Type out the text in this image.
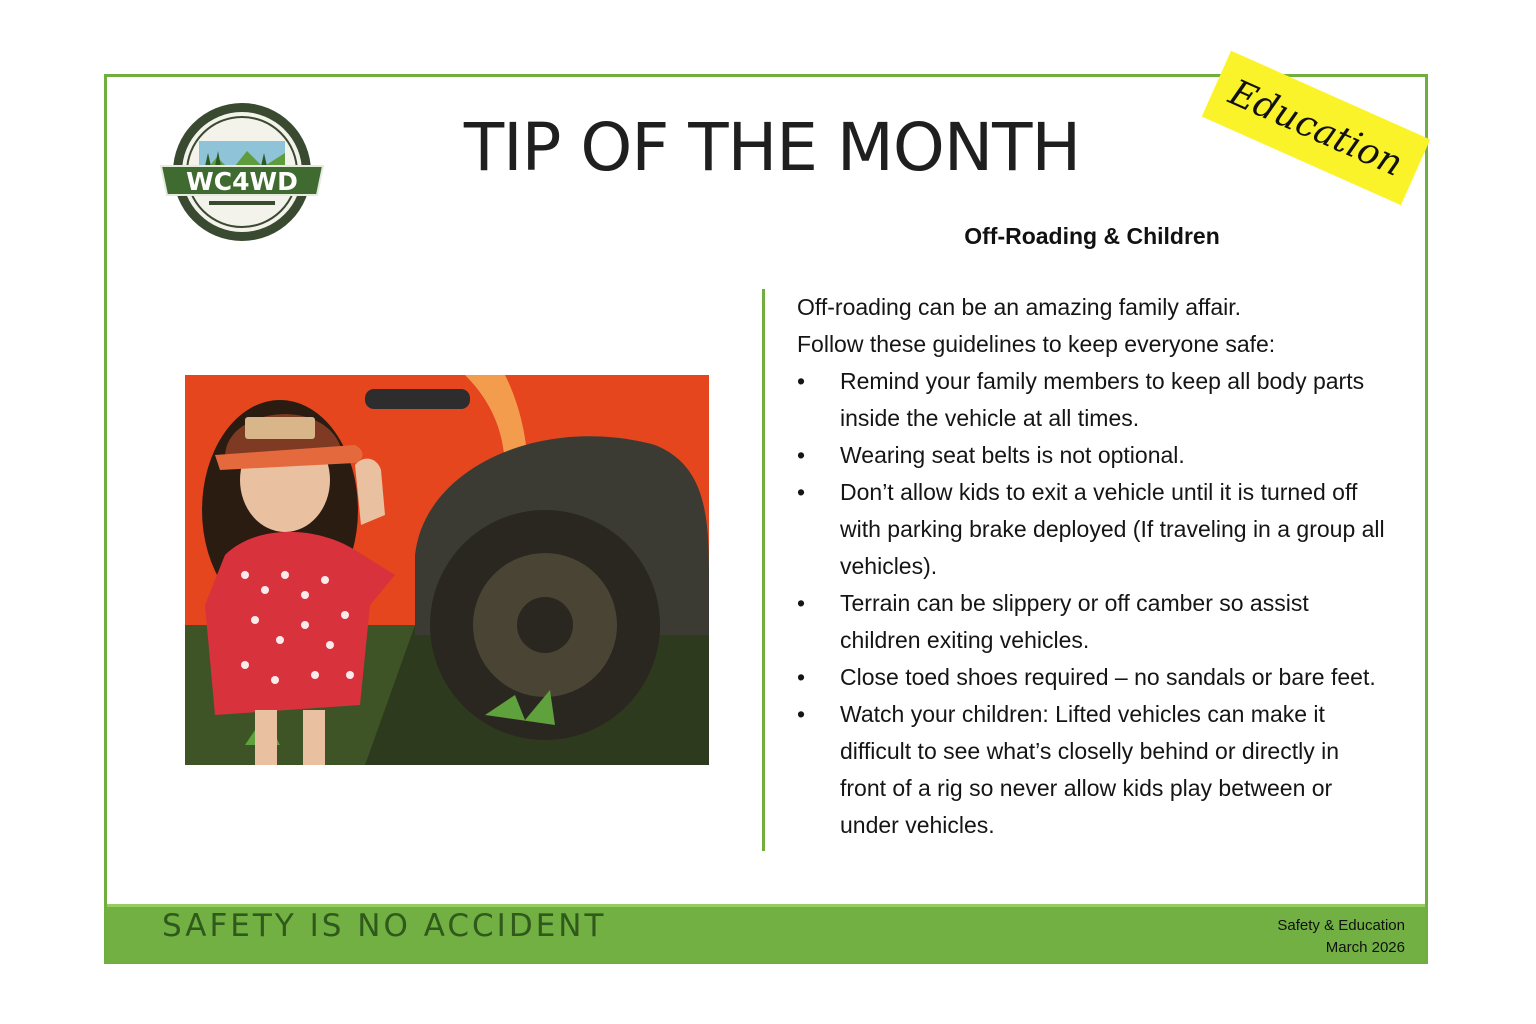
WC4WD	TIP OF THE MONTH	Education
Off-Roading & Children
Off-roading can be an amazing family affair.
Follow these guidelines to keep everyone safe:
•	Remind your family members to keep all body parts inside the vehicle at all times.
•	Wearing seat belts is not optional.
•	Don’t allow kids to exit a vehicle until it is turned off with parking brake deployed (If traveling in a group all vehicles).
•	Terrain can be slippery or off camber so assist children exiting vehicles.
•	Close toed shoes required – no sandals or bare feet.
•	Watch your children: Lifted vehicles can make it difficult to see what’s closelly behind or directly in front of a rig so never allow kids play between or under vehicles.
SAFETY IS NO ACCIDENT	Safety & Education
March 2026
